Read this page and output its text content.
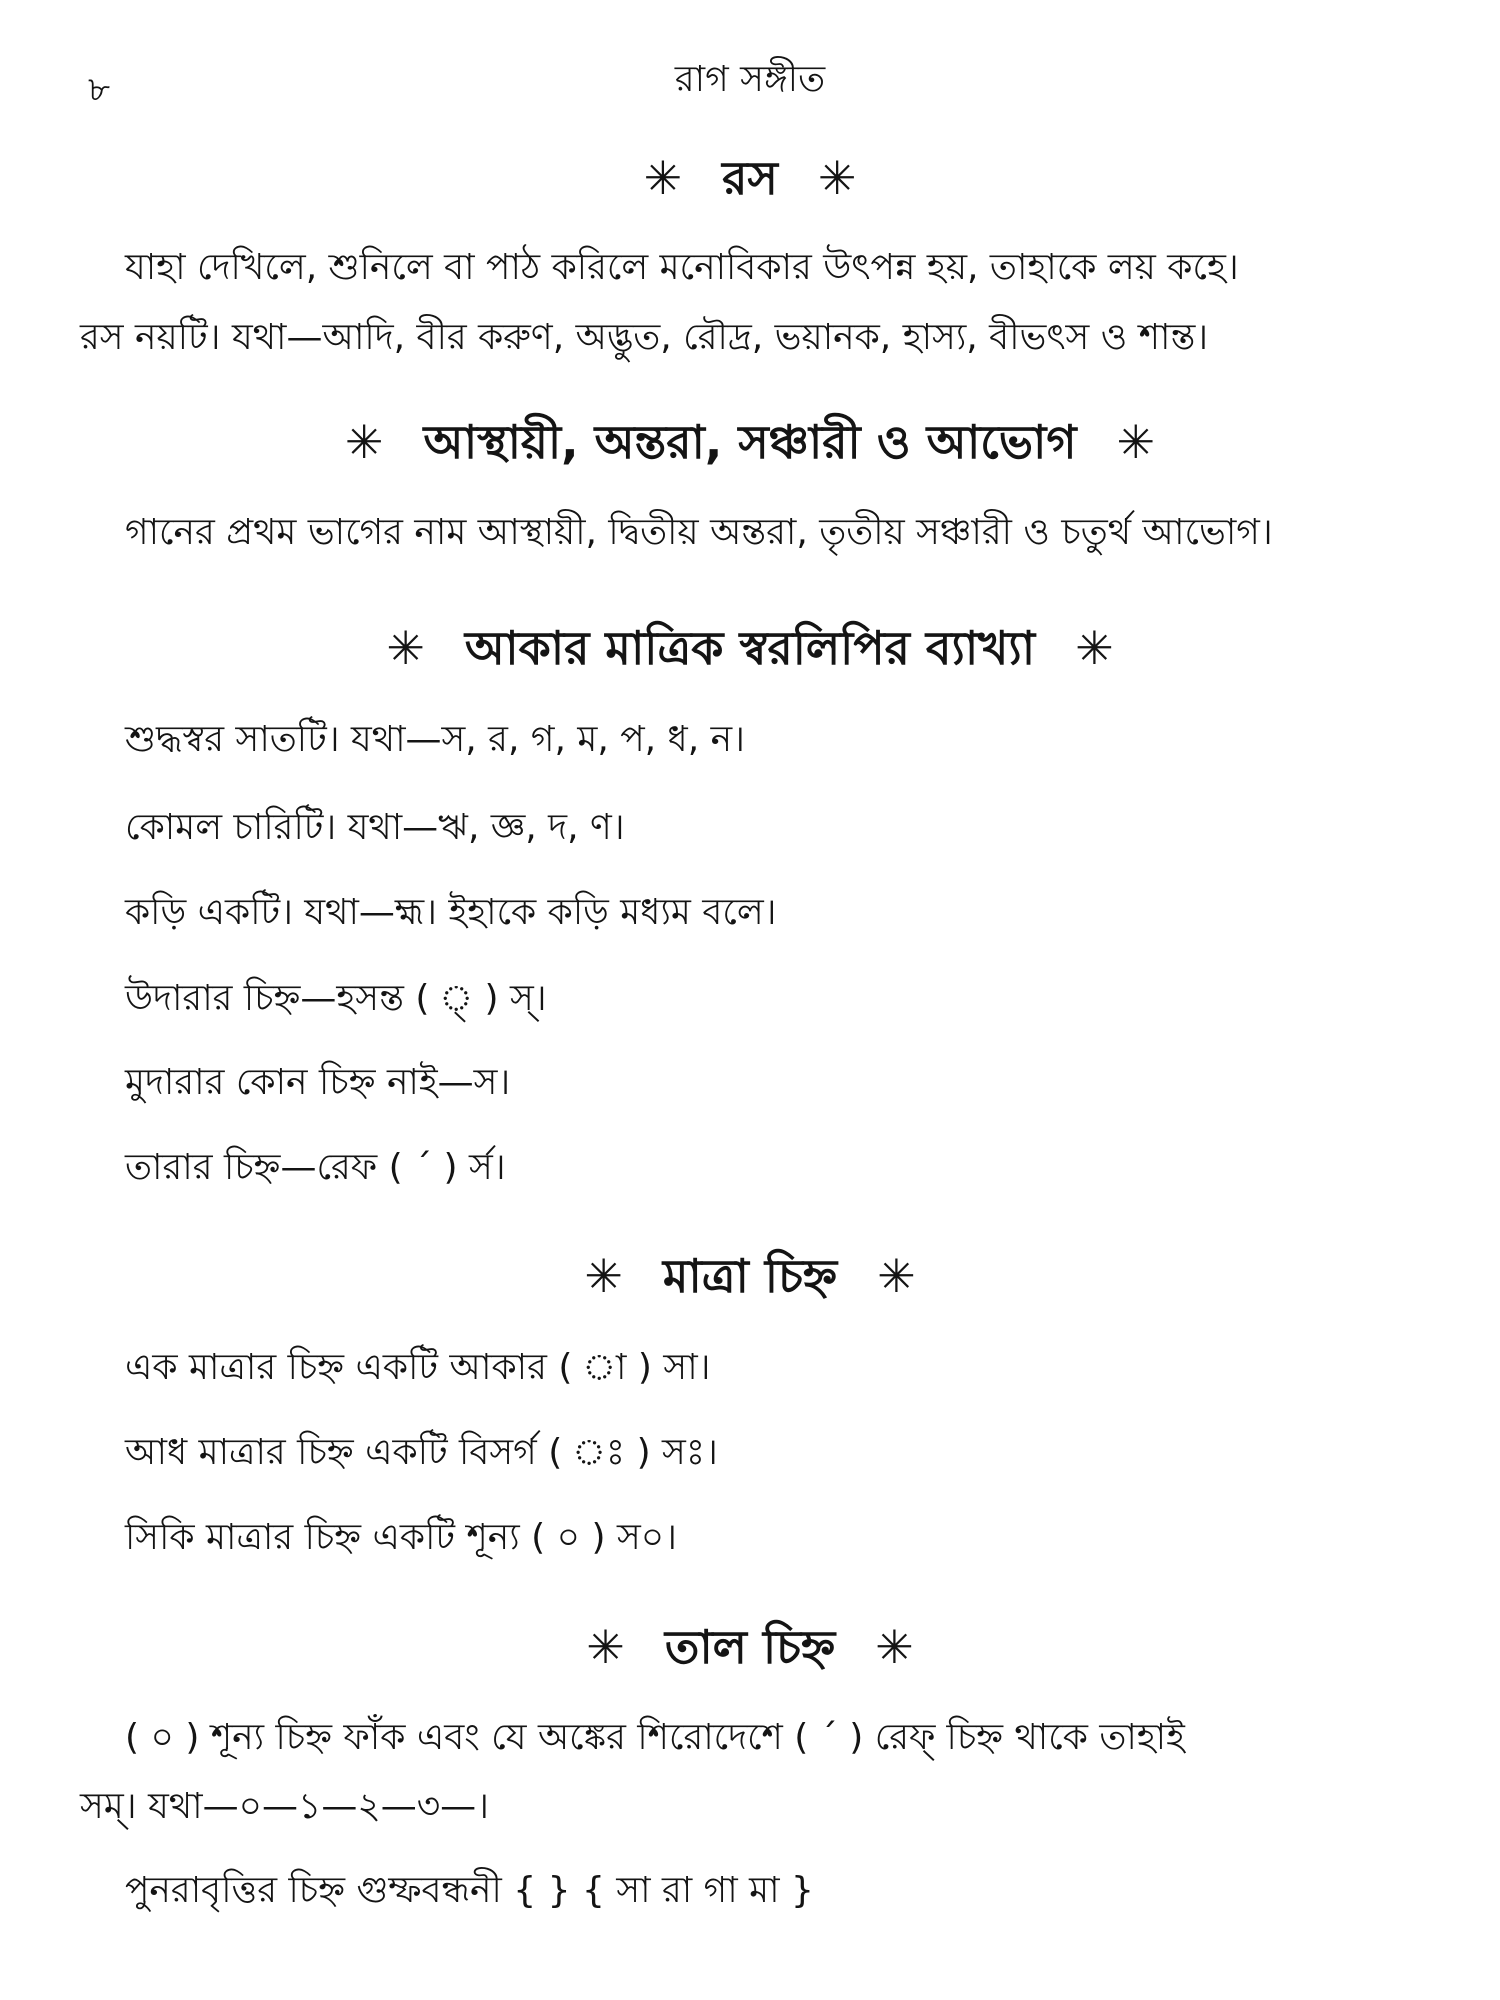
৮	রাগ সঙ্গীত
✳ রস ✳
যাহা দেখিলে, শুনিলে বা পাঠ করিলে মনোবিকার উৎপন্ন হয়, তাহাকে লয় কহে।
রস নয়টি। যথা—আদি, বীর করুণ, অদ্ভুত, রৌদ্র, ভয়ানক, হাস্য, বীভৎস ও শান্ত।
✳ আস্থায়ী, অন্তরা, সঞ্চারী ও আভোগ ✳
গানের প্রথম ভাগের নাম আস্থায়ী, দ্বিতীয় অন্তরা, তৃতীয় সঞ্চারী ও চতুর্থ আভোগ।
✳ আকার মাত্রিক স্বরলিপির ব্যাখ্যা ✳
শুদ্ধস্বর সাতটি। যথা—স, র, গ, ম, প, ধ, ন।
কোমল চারিটি। যথা—ঋ, জ্ঞ, দ, ণ।
কড়ি একটি। যথা—হ্ম। ইহাকে কড়ি মধ্যম বলে।
উদারার চিহ্ন—হসন্ত ( ্ ) স্।
মুদারার কোন চিহ্ন নাই—স।
তারার চিহ্ন—রেফ ( ´ ) র্স।
✳ মাত্রা চিহ্ন ✳
এক মাত্রার চিহ্ন একটি আকার ( া ) সা।
আধ মাত্রার চিহ্ন একটি বিসর্গ ( ঃ ) সঃ।
সিকি মাত্রার চিহ্ন একটি শূন্য ( ০ ) স০।
✳ তাল চিহ্ন ✳
( ০ ) শূন্য চিহ্ন ফাঁক এবং যে অঙ্কের শিরোদেশে ( ´ ) রেফ্ চিহ্ন থাকে তাহাই
সম্। যথা—০—১—২—৩—।
পুনরাবৃত্তির চিহ্ন গুম্ফবন্ধনী { } { সা রা গা মা }
